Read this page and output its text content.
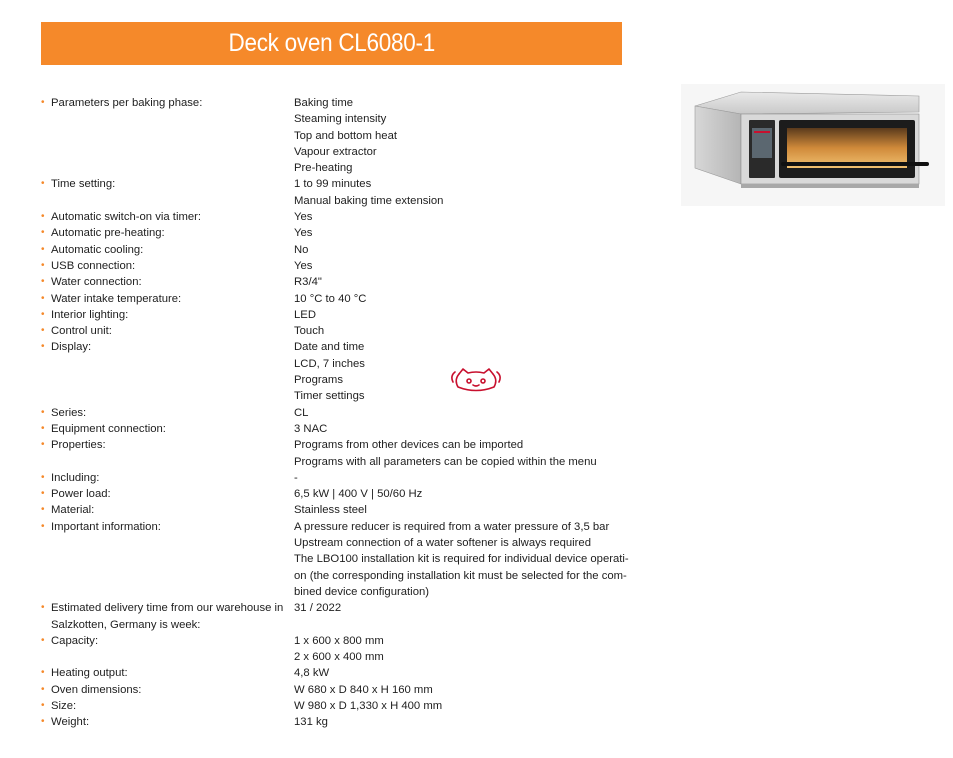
Deck oven CL6080-1
• Parameters per baking phase:	Baking time
Steaming intensity
Top and bottom heat
Vapour extractor
Pre-heating
• Time setting:	1 to 99 minutes
Manual baking time extension
• Automatic switch-on via timer:	Yes
• Automatic pre-heating:	Yes
• Automatic cooling:	No
• USB connection:	Yes
• Water connection:	R3/4"
• Water intake temperature:	10 °C to 40 °C
• Interior lighting:	LED
• Control unit:	Touch
• Display:	Date and time
LCD, 7 inches
Programs
Timer settings
• Series:	CL
• Equipment connection:	3 NAC
• Properties:	Programs from other devices can be imported
Programs with all parameters can be copied within the menu
• Including:	-
• Power load:	6,5 kW | 400 V | 50/60 Hz
• Material:	Stainless steel
• Important information:	A pressure reducer is required from a water pressure of 3,5 bar
Upstream connection of a water softener is always required
The LBO100 installation kit is required for individual device operati-
on (the corresponding installation kit must be selected for the com-
bined device configuration)
• Estimated delivery time from our warehouse in Salzkotten, Germany is week:
31 / 2022
• Capacity:	1 x 600 x 800 mm
2 x 600 x 400 mm
• Heating output:	4,8 kW
• Oven dimensions:	W 680 x D 840 x H 160 mm
• Size:	W 980 x D 1,330 x H 400 mm
• Weight:	131 kg
